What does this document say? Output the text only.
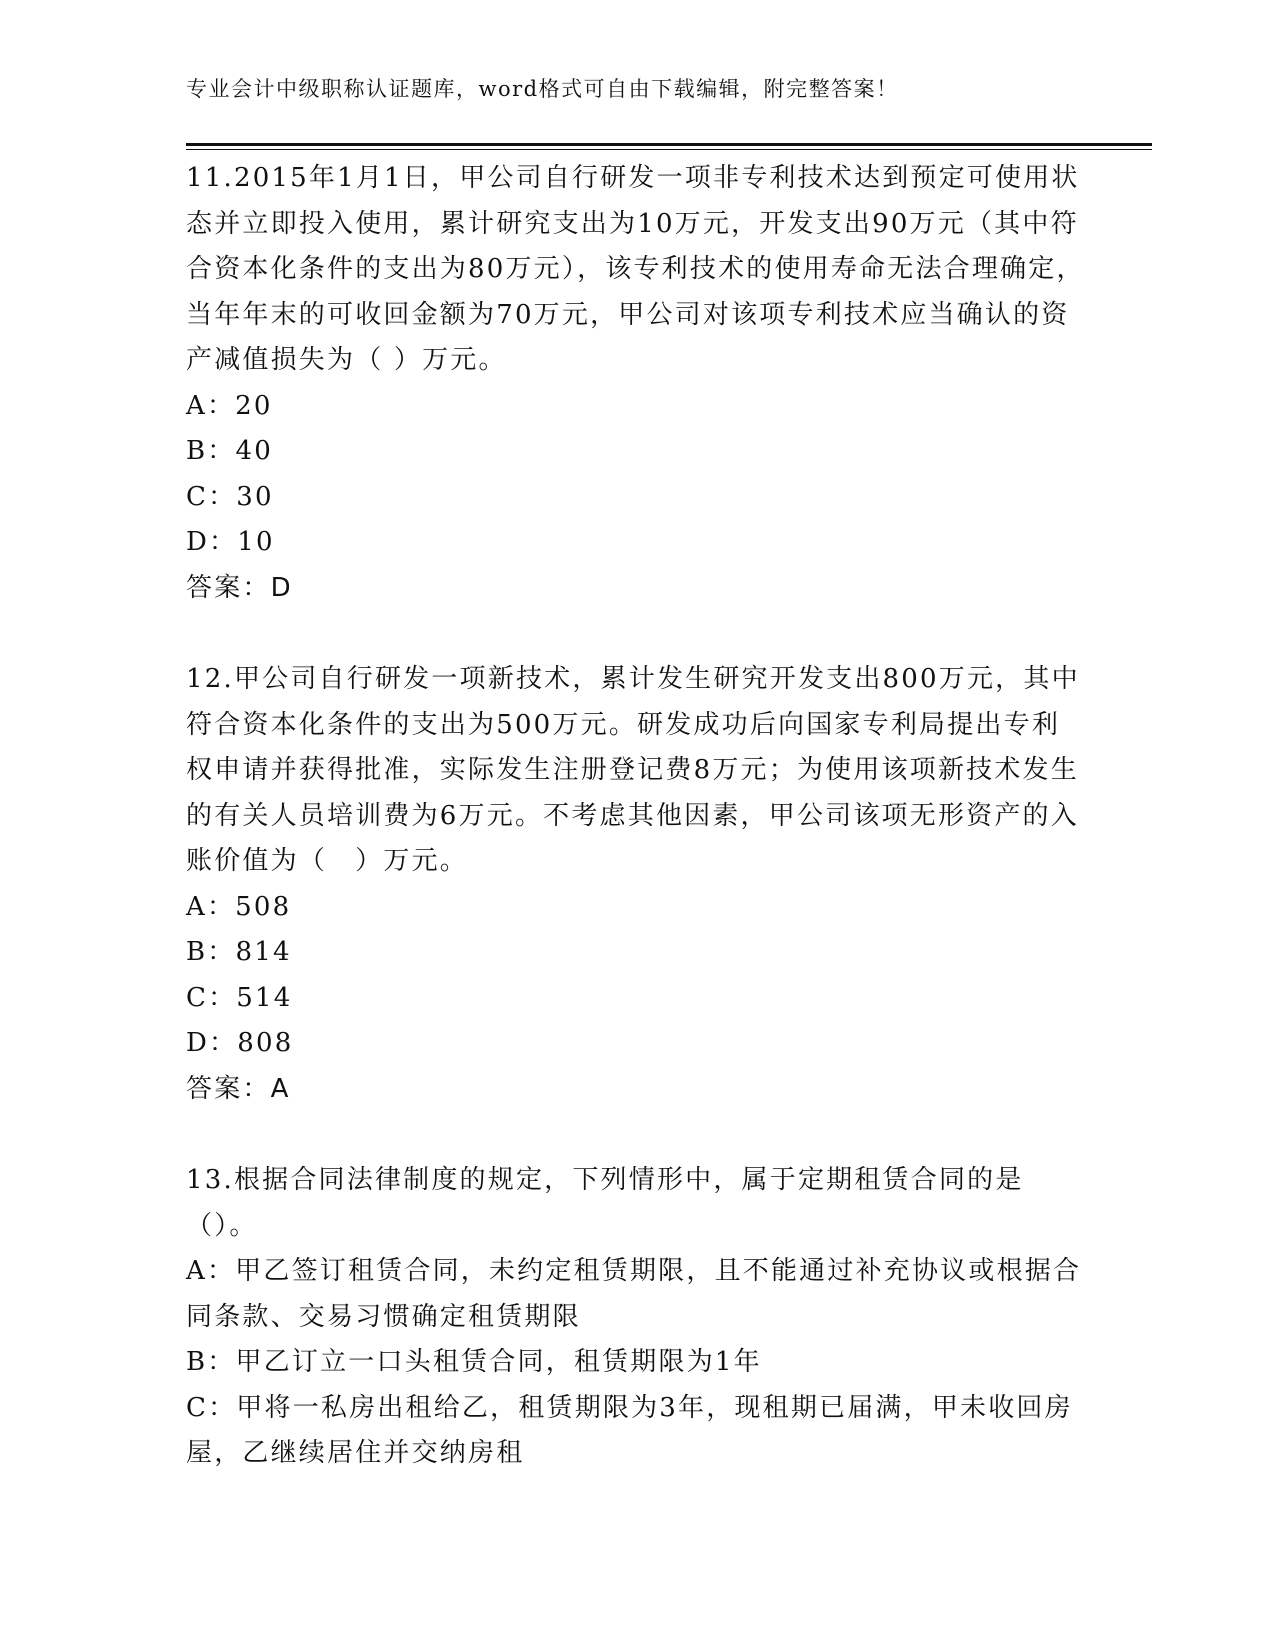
专业会计中级职称认证题库，word格式可自由下载编辑，附完整答案！

11.2015年1月1日，甲公司自行研发一项非专利技术达到预定可使用状态并立即投入使用，累计研究支出为10万元，开发支出90万元（其中符合资本化条件的支出为80万元），该专利技术的使用寿命无法合理确定，当年年末的可收回金额为70万元，甲公司对该项专利技术应当确认的资产减值损失为（ ）万元。

A：20

B：40

C：30

D：10

答案：D

12.甲公司自行研发一项新技术，累计发生研究开发支出800万元，其中符合资本化条件的支出为500万元。研发成功后向国家专利局提出专利权申请并获得批准，实际发生注册登记费8万元；为使用该项新技术发生的有关人员培训费为6万元。不考虑其他因素，甲公司该项无形资产的入账价值为（　）万元。

A：508

B：814

C：514

D：808

答案：A

13.根据合同法律制度的规定，下列情形中，属于定期租赁合同的是（）。

A：甲乙签订租赁合同，未约定租赁期限，且不能通过补充协议或根据合同条款、交易习惯确定租赁期限

B：甲乙订立一口头租赁合同，租赁期限为1年

C：甲将一私房出租给乙，租赁期限为3年，现租期已届满，甲未收回房屋，乙继续居住并交纳房租
